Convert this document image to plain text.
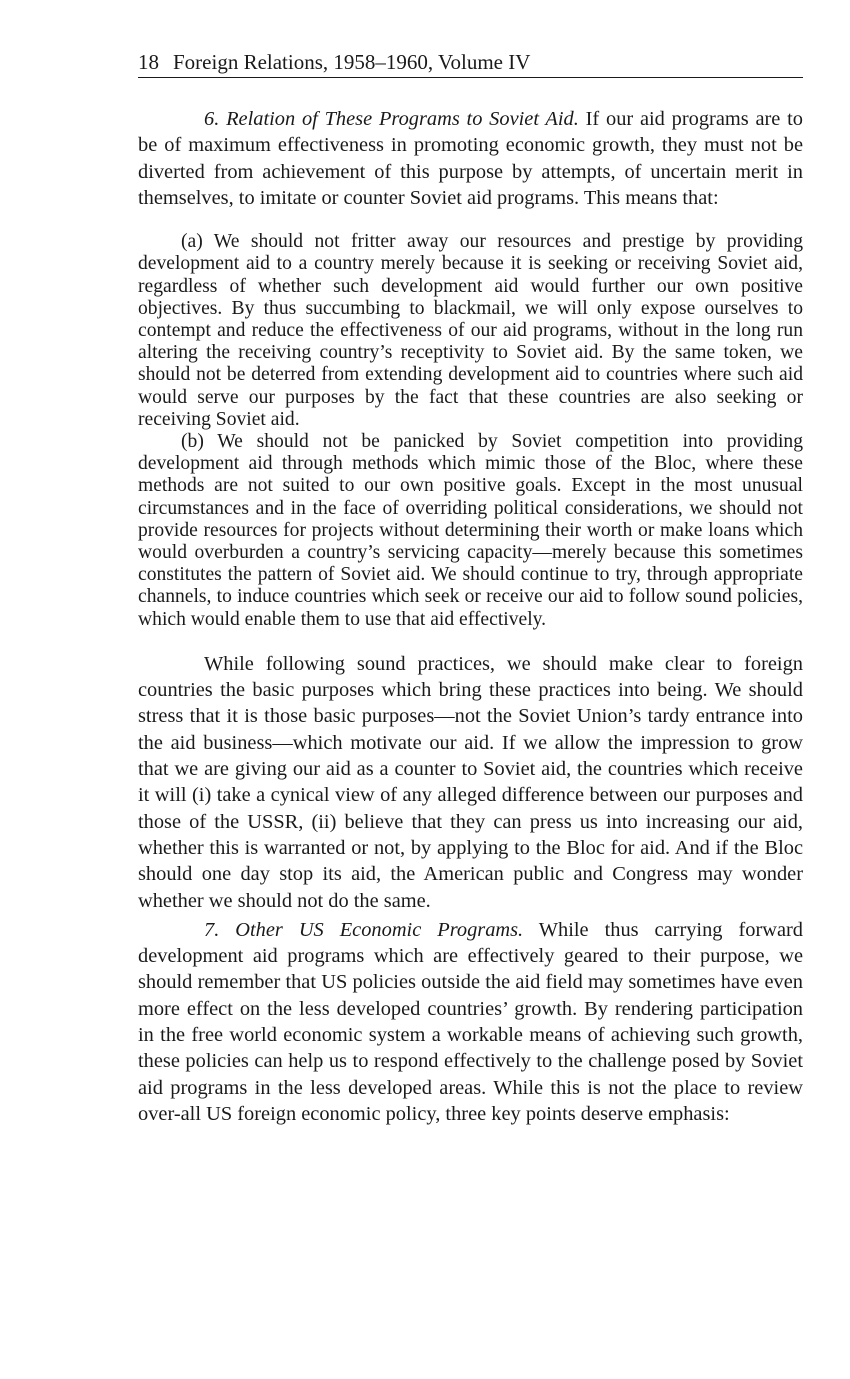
18 Foreign Relations, 1958–1960, Volume IV

6. Relation of These Programs to Soviet Aid. If our aid programs are to be of maximum effectiveness in promoting economic growth, they must not be diverted from achievement of this purpose by attempts, of uncertain merit in themselves, to imitate or counter Soviet aid programs. This means that:

(a) We should not fritter away our resources and prestige by providing development aid to a country merely because it is seeking or receiving Soviet aid, regardless of whether such development aid would further our own positive objectives. By thus succumbing to blackmail, we will only expose ourselves to contempt and reduce the effectiveness of our aid programs, without in the long run altering the receiving country’s receptivity to Soviet aid. By the same token, we should not be deterred from extending development aid to countries where such aid would serve our purposes by the fact that these countries are also seeking or receiving Soviet aid.

(b) We should not be panicked by Soviet competition into providing development aid through methods which mimic those of the Bloc, where these methods are not suited to our own positive goals. Except in the most unusual circumstances and in the face of overriding political considerations, we should not provide resources for projects without determining their worth or make loans which would overburden a country’s servicing capacity—merely because this sometimes constitutes the pattern of Soviet aid. We should continue to try, through appropriate channels, to induce countries which seek or receive our aid to follow sound policies, which would enable them to use that aid effectively.

While following sound practices, we should make clear to foreign countries the basic purposes which bring these practices into being. We should stress that it is those basic purposes—not the Soviet Union’s tardy entrance into the aid business—which motivate our aid. If we allow the impression to grow that we are giving our aid as a counter to Soviet aid, the countries which receive it will (i) take a cynical view of any alleged difference between our purposes and those of the USSR, (ii) believe that they can press us into increasing our aid, whether this is warranted or not, by applying to the Bloc for aid. And if the Bloc should one day stop its aid, the American public and Congress may wonder whether we should not do the same.

7. Other US Economic Programs. While thus carrying forward development aid programs which are effectively geared to their purpose, we should remember that US policies outside the aid field may sometimes have even more effect on the less developed countries’ growth. By rendering participation in the free world economic system a workable means of achieving such growth, these policies can help us to respond effectively to the challenge posed by Soviet aid programs in the less developed areas. While this is not the place to review over-all US foreign economic policy, three key points deserve emphasis:
